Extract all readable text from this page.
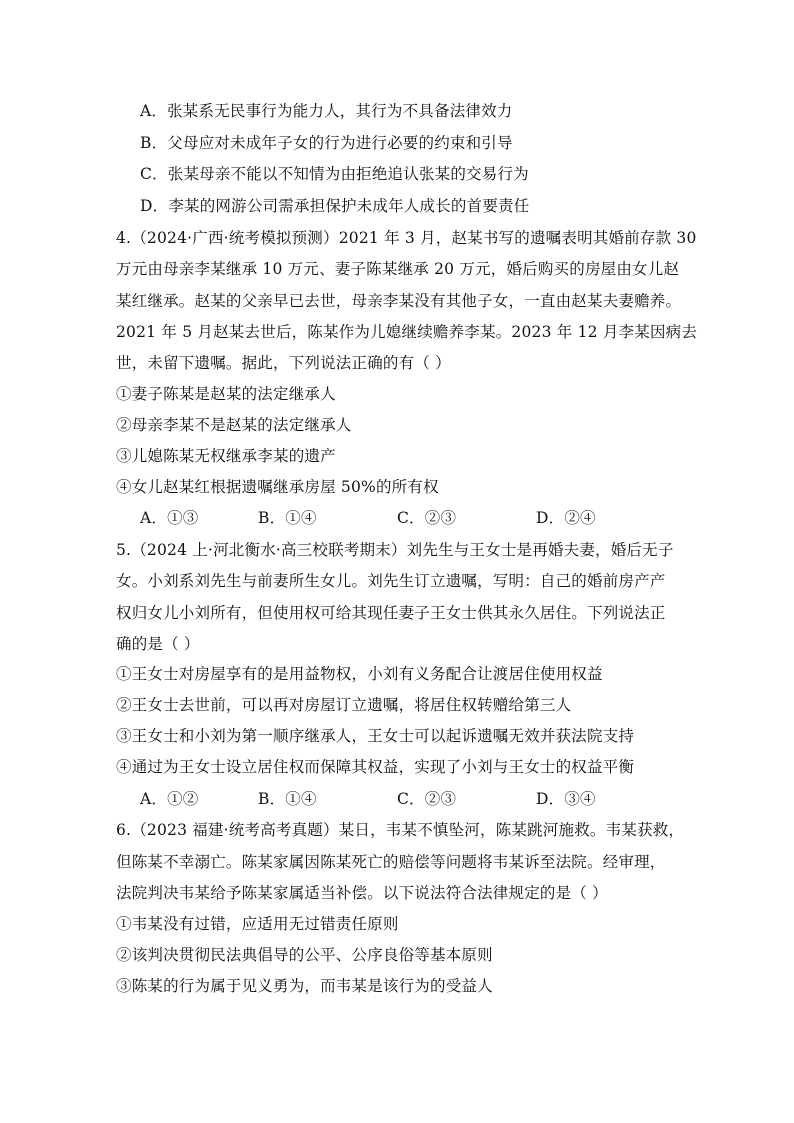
A．张某系无民事行为能力人，其行为不具备法律效力
B．父母应对未成年子女的行为进行必要的约束和引导
C．张某母亲不能以不知情为由拒绝追认张某的交易行为
D．李某的网游公司需承担保护未成年人成长的首要责任
4.（2024·广西·统考模拟预测）2021 年 3 月，赵某书写的遗嘱表明其婚前存款 30
万元由母亲李某继承 10 万元、妻子陈某继承 20 万元，婚后购买的房屋由女儿赵
某红继承。赵某的父亲早已去世，母亲李某没有其他子女，一直由赵某夫妻赡养。
2021 年 5 月赵某去世后，陈某作为儿媳继续赡养李某。2023 年 12 月李某因病去
世，未留下遗嘱。据此，下列说法正确的有（ ）
①妻子陈某是赵某的法定继承人
②母亲李某不是赵某的法定继承人
③儿媳陈某无权继承李某的遗产
④女儿赵某红根据遗嘱继承房屋 50%的所有权
A．①③	B．①④	C．②③	D．②④
5.（2024 上·河北衡水·高三校联考期末）刘先生与王女士是再婚夫妻，婚后无子
女。小刘系刘先生与前妻所生女儿。刘先生订立遗嘱，写明：自己的婚前房产产
权归女儿小刘所有，但使用权可给其现任妻子王女士供其永久居住。下列说法正
确的是（ ）
①王女士对房屋享有的是用益物权，小刘有义务配合让渡居住使用权益
②王女士去世前，可以再对房屋订立遗嘱，将居住权转赠给第三人
③王女士和小刘为第一顺序继承人，王女士可以起诉遗嘱无效并获法院支持
④通过为王女士设立居住权而保障其权益，实现了小刘与王女士的权益平衡
A．①②	B．①④	C．②③	D．③④
6.（2023 福建·统考高考真题）某日，韦某不慎坠河，陈某跳河施救。韦某获救，
但陈某不幸溺亡。陈某家属因陈某死亡的赔偿等问题将韦某诉至法院。经审理，
法院判决韦某给予陈某家属适当补偿。以下说法符合法律规定的是（ ）
①韦某没有过错，应适用无过错责任原则
②该判决贯彻民法典倡导的公平、公序良俗等基本原则
③陈某的行为属于见义勇为，而韦某是该行为的受益人
